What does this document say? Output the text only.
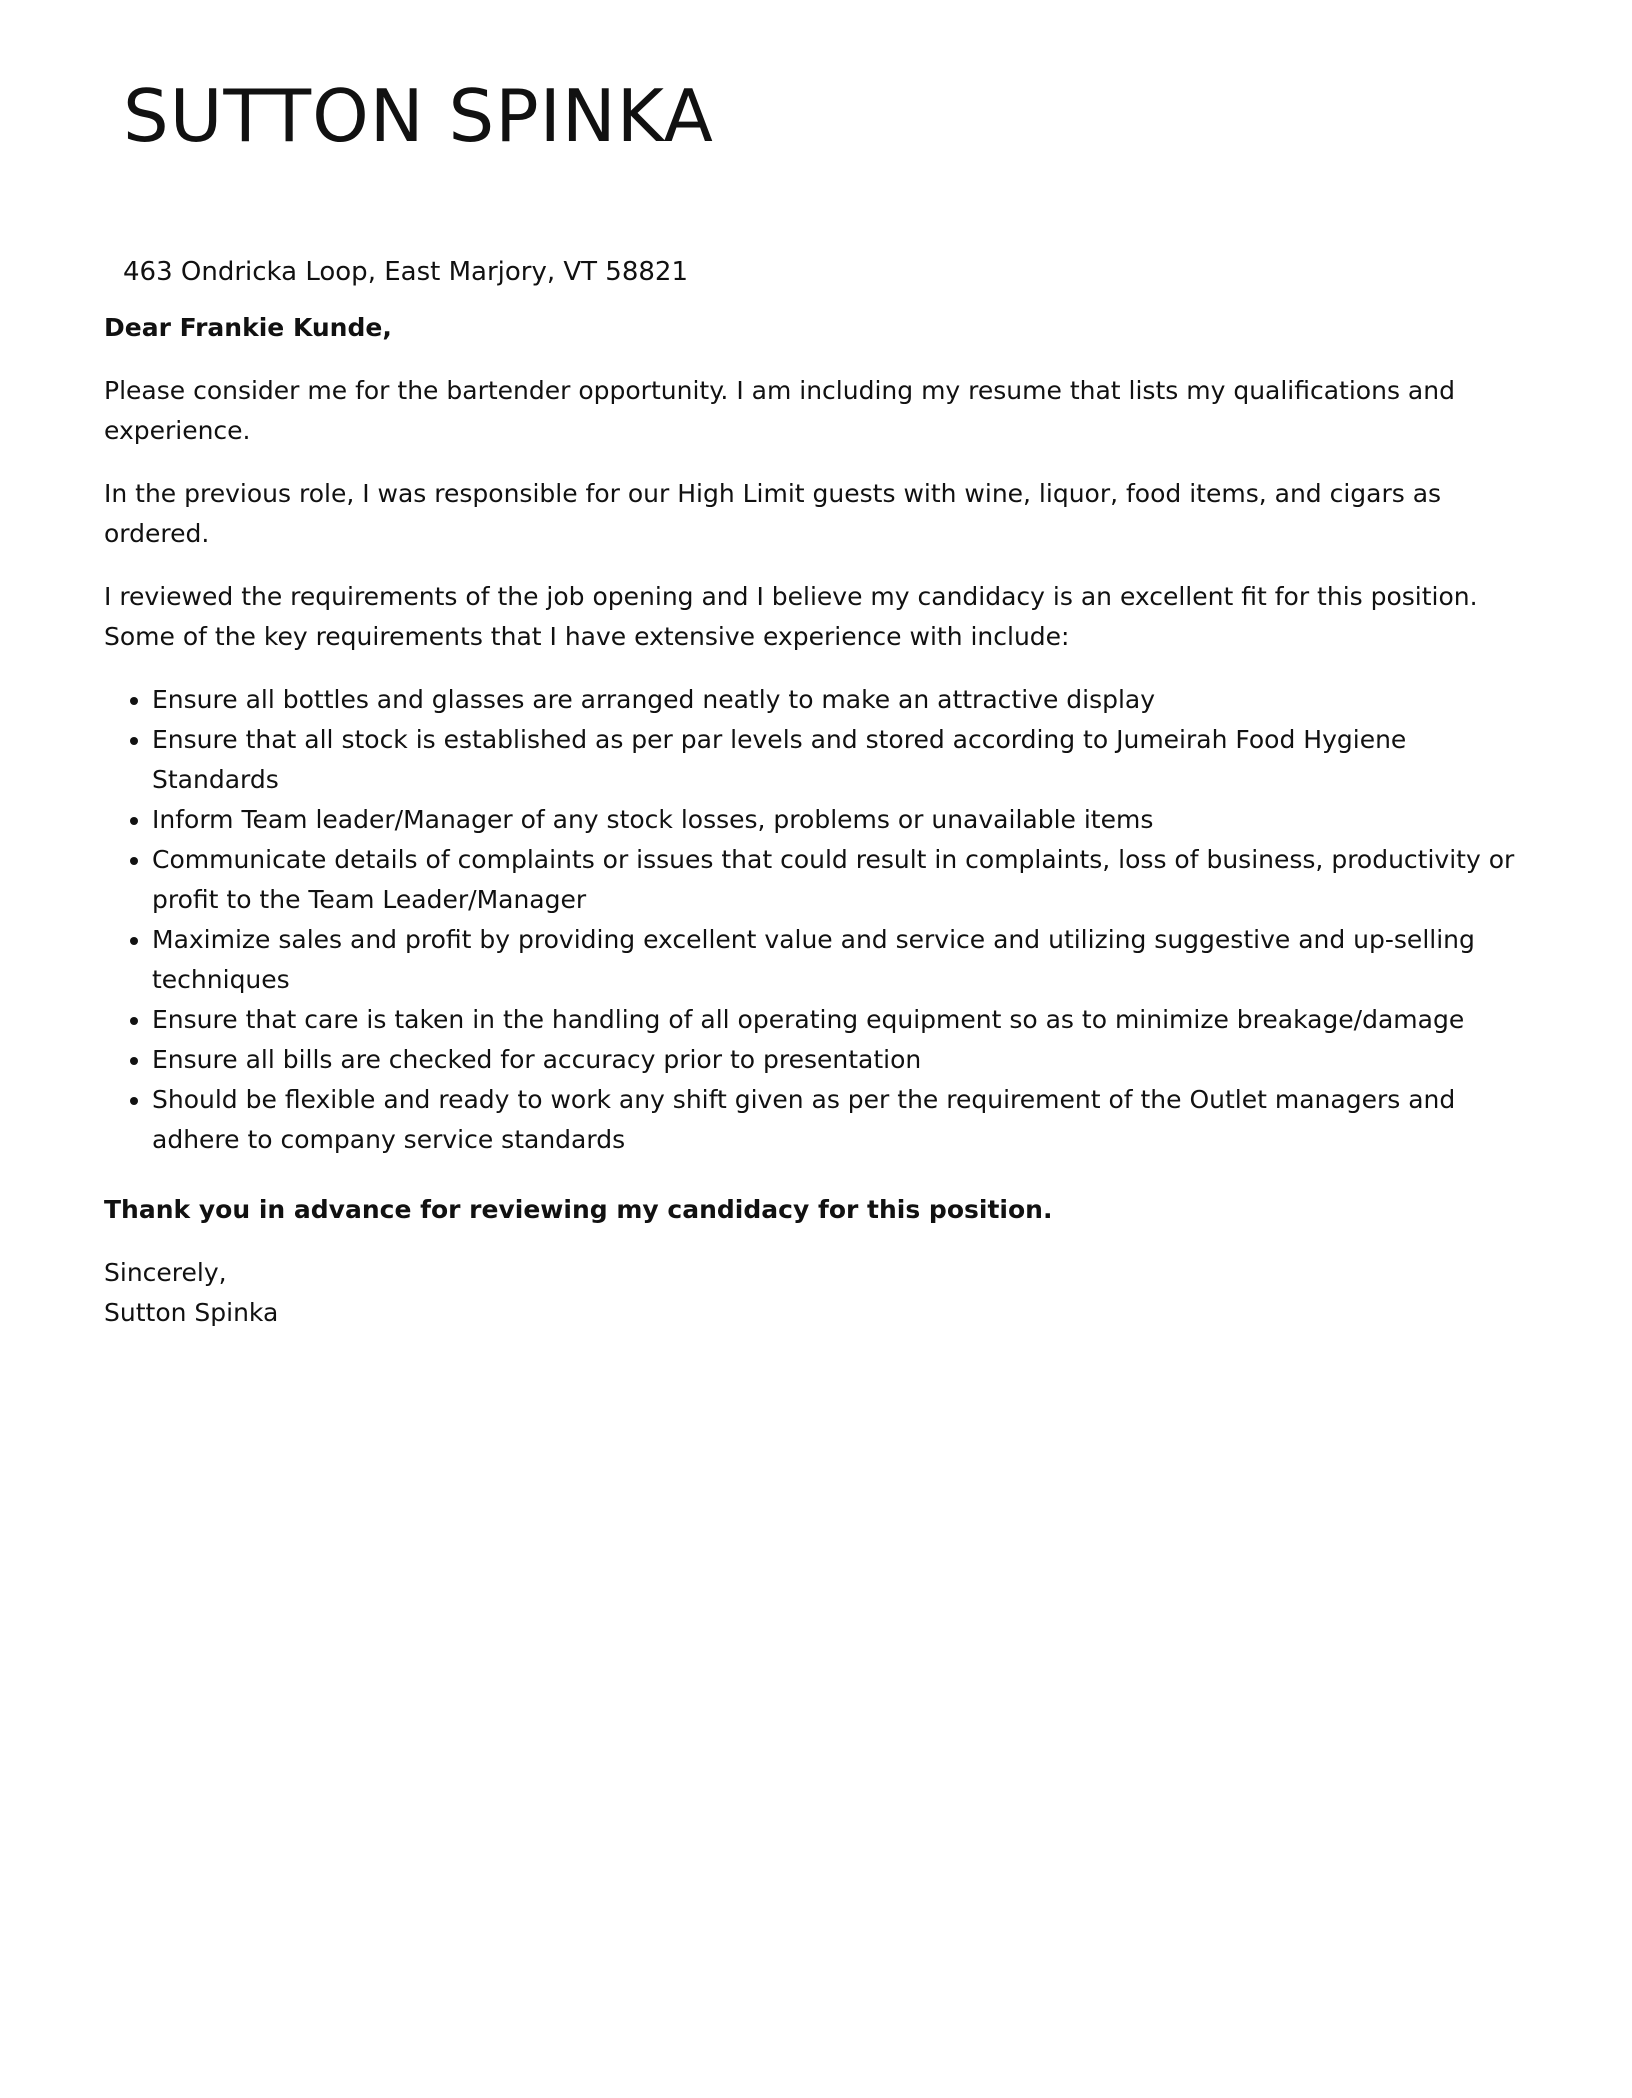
SUTTON SPINKA
463 Ondricka Loop, East Marjory, VT 58821

Dear Frankie Kunde,

Please consider me for the bartender opportunity. I am including my resume that lists my qualifications and experience.

In the previous role, I was responsible for our High Limit guests with wine, liquor, food items, and cigars as ordered.

I reviewed the requirements of the job opening and I believe my candidacy is an excellent fit for this position. Some of the key requirements that I have extensive experience with include:

Ensure all bottles and glasses are arranged neatly to make an attractive display
Ensure that all stock is established as per par levels and stored according to Jumeirah Food Hygiene Standards
Inform Team leader/Manager of any stock losses, problems or unavailable items
Communicate details of complaints or issues that could result in complaints, loss of business, productivity or profit to the Team Leader/Manager
Maximize sales and profit by providing excellent value and service and utilizing suggestive and up-selling techniques
Ensure that care is taken in the handling of all operating equipment so as to minimize breakage/damage
Ensure all bills are checked for accuracy prior to presentation
Should be flexible and ready to work any shift given as per the requirement of the Outlet managers and adhere to company service standards

Thank you in advance for reviewing my candidacy for this position.

Sincerely,
Sutton Spinka
